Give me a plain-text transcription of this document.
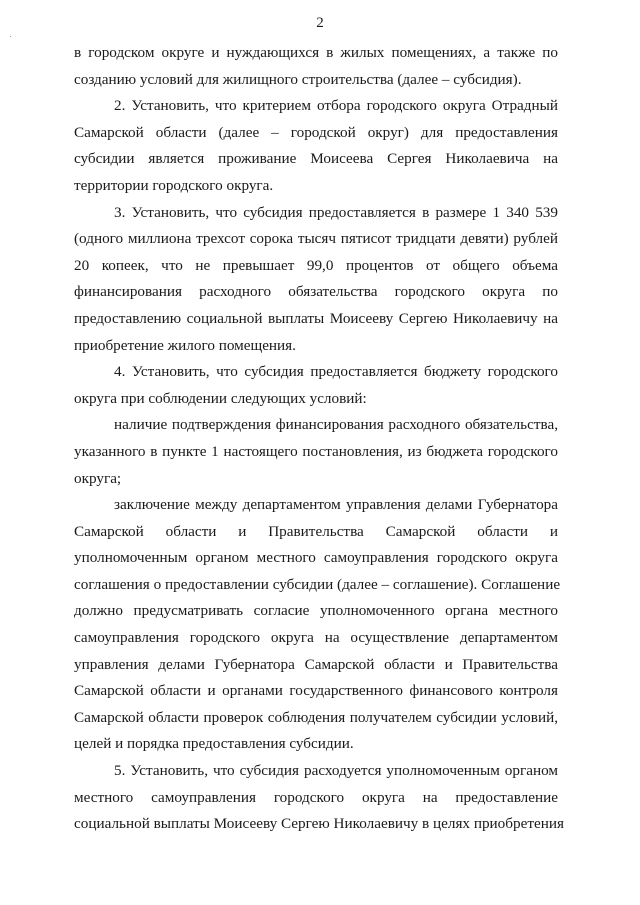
2
в городском округе и нуждающихся в жилых помещениях, а также по
созданию условий для жилищного строительства (далее – субсидия).
2. Установить, что критерием отбора городского округа Отрадный
Самарской области (далее – городской округ) для предоставления
субсидии является проживание Моисеева Сергея Николаевича на
территории городского округа.
3. Установить, что субсидия предоставляется в размере 1 340 539
(одного миллиона трехсот сорока тысяч пятисот тридцати девяти) рублей
20 копеек, что не превышает 99,0 процентов от общего объема
финансирования расходного обязательства городского округа по
предоставлению социальной выплаты Моисееву Сергею Николаевичу на
приобретение жилого помещения.
4. Установить, что субсидия предоставляется бюджету городского
округа при соблюдении следующих условий:
наличие подтверждения финансирования расходного обязательства,
указанного в пункте 1 настоящего постановления, из бюджета городского
округа;
заключение между департаментом управления делами Губернатора
Самарской области и Правительства Самарской области и
уполномоченным органом местного самоуправления городского округа
соглашения о предоставлении субсидии (далее – соглашение). Соглашение
должно предусматривать согласие уполномоченного органа местного
самоуправления городского округа на осуществление департаментом
управления делами Губернатора Самарской области и Правительства
Самарской области и органами государственного финансового контроля
Самарской области проверок соблюдения получателем субсидии условий,
целей и порядка предоставления субсидии.
5. Установить, что субсидия расходуется уполномоченным органом
местного самоуправления городского округа на предоставление
социальной выплаты Моисееву Сергею Николаевичу в целях приобретения
